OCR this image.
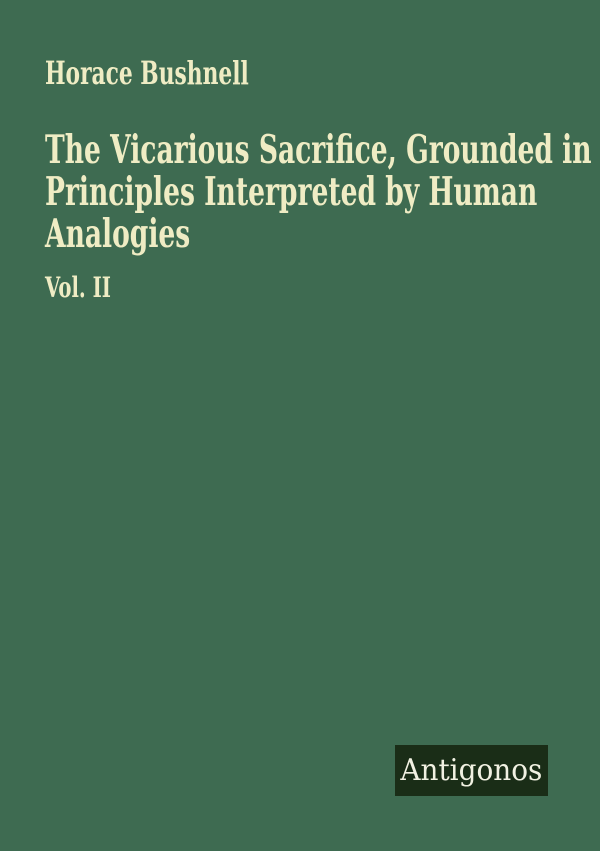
Horace Bushnell
The Vicarious Sacrifice, Grounded in
Principles Interpreted by Human
Analogies
Vol. II
Antigonos
